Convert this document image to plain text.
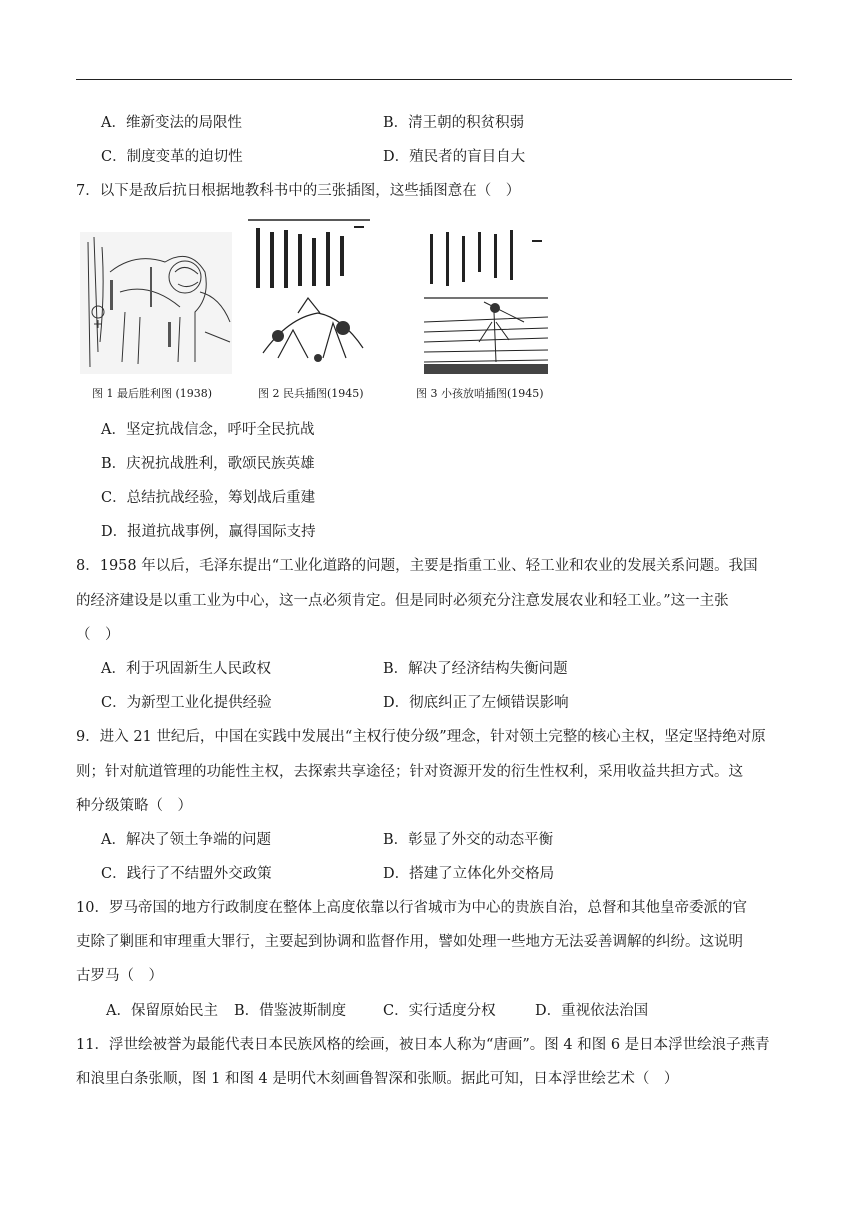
A．维新变法的局限性	B．清王朝的积贫积弱
C．制度变革的迫切性	D．殖民者的盲目自大
7．以下是敌后抗日根据地教科书中的三张插图，这些插图意在（　）
图 1 最后胜利图 (1938)	图 2 民兵插图(1945)	图 3 小孩放哨插图(1945)
A．坚定抗战信念，呼吁全民抗战
B．庆祝抗战胜利，歌颂民族英雄
C．总结抗战经验，筹划战后重建
D．报道抗战事例，赢得国际支持
8．1958 年以后，毛泽东提出“工业化道路的问题，主要是指重工业、轻工业和农业的发展关系问题。我国
的经济建设是以重工业为中心，这一点必须肯定。但是同时必须充分注意发展农业和轻工业。”这一主张
（　）
A．利于巩固新生人民政权	B．解决了经济结构失衡问题
C．为新型工业化提供经验	D．彻底纠正了左倾错误影响
9．进入 21 世纪后，中国在实践中发展出“主权行使分级”理念，针对领土完整的核心主权，坚定坚持绝对原
则；针对航道管理的功能性主权，去探索共享途径；针对资源开发的衍生性权利，采用收益共担方式。这
种分级策略（　）
A．解决了领土争端的问题	B．彰显了外交的动态平衡
C．践行了不结盟外交政策	D．搭建了立体化外交格局
10．罗马帝国的地方行政制度在整体上高度依靠以行省城市为中心的贵族自治，总督和其他皇帝委派的官
吏除了剿匪和审理重大罪行，主要起到协调和监督作用，譬如处理一些地方无法妥善调解的纠纷。这说明
古罗马（　）
A．保留原始民主 B．借鉴波斯制度	C．实行适度分权	D．重视依法治国
11．浮世绘被誉为最能代表日本民族风格的绘画，被日本人称为“唐画”。图 4 和图 6 是日本浮世绘浪子燕青
和浪里白条张顺，图 1 和图 4 是明代木刻画鲁智深和张顺。据此可知，日本浮世绘艺术（　）
